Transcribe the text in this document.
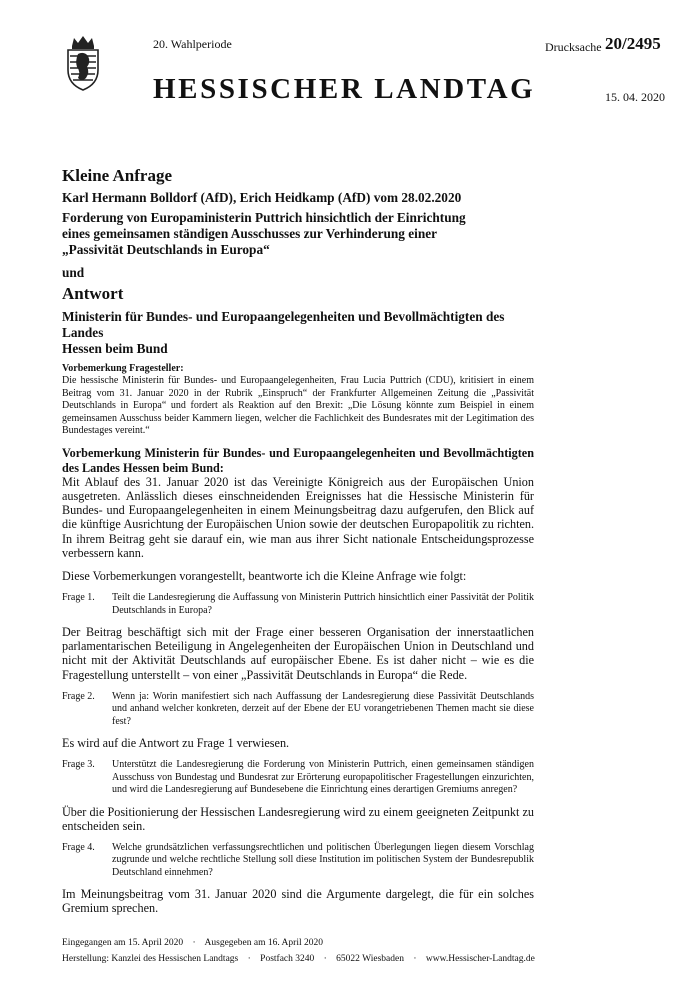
20. Wahlperiode	Drucksache 20/2495
HESSISCHER LANDTAG	15. 04. 2020

Kleine Anfrage

Karl Hermann Bolldorf (AfD), Erich Heidkamp (AfD) vom 28.02.2020

Forderung von Europaministerin Puttrich hinsichtlich der Einrichtung

eines gemeinsamen ständigen Ausschusses zur Verhinderung einer

„Passivität Deutschlands in Europa“

und

Antwort

Ministerin für Bundes- und Europaangelegenheiten und Bevollmächtigten des Landes

Hessen beim Bund

Vorbemerkung Fragesteller:

Die hessische Ministerin für Bundes- und Europaangelegenheiten, Frau Lucia Puttrich (CDU), kritisiert in einem Beitrag vom 31. Januar 2020 in der Rubrik „Einspruch“ der Frankfurter Allgemeinen Zeitung die „Passivität Deutschlands in Europa“ und fordert als Reaktion auf den Brexit: „Die Lösung könnte zum Beispiel in einem gemeinsamen Ausschuss beider Kammern liegen, welcher die Fachlichkeit des Bundesrates mit der Legitimation des Bundestages vereint.“

Vorbemerkung Ministerin für Bundes- und Europaangelegenheiten und Bevollmächtigten des Landes Hessen beim Bund:

Mit Ablauf des 31. Januar 2020 ist das Vereinigte Königreich aus der Europäischen Union ausgetreten. Anlässlich dieses einschneidenden Ereignisses hat die Hessische Ministerin für Bundes- und Europaangelegenheiten in einem Meinungsbeitrag dazu aufgerufen, den Blick auf die künftige Ausrichtung der Europäischen Union sowie der deutschen Europapolitik zu richten. In ihrem Beitrag geht sie darauf ein, wie man aus ihrer Sicht nationale Entscheidungsprozesse verbessern kann.

Diese Vorbemerkungen vorangestellt, beantworte ich die Kleine Anfrage wie folgt:

Frage 1.	Teilt die Landesregierung die Auffassung von Ministerin Puttrich hinsichtlich einer Passivität der Politik Deutschlands in Europa?

Der Beitrag beschäftigt sich mit der Frage einer besseren Organisation der innerstaatlichen parlamentarischen Beteiligung in Angelegenheiten der Europäischen Union in Deutschland und nicht mit der Aktivität Deutschlands auf europäischer Ebene. Es ist daher nicht – wie es die Fragestellung unterstellt – von einer „Passivität Deutschlands in Europa“ die Rede.

Frage 2.	Wenn ja: Worin manifestiert sich nach Auffassung der Landesregierung diese Passivität Deutschlands und anhand welcher konkreten, derzeit auf der Ebene der EU vorangetriebenen Themen macht sie diese fest?

Es wird auf die Antwort zu Frage 1 verwiesen.

Frage 3.	Unterstützt die Landesregierung die Forderung von Ministerin Puttrich, einen gemeinsamen ständigen Ausschuss von Bundestag und Bundesrat zur Erörterung europapolitischer Fragestellungen einzurichten, und wird die Landesregierung auf Bundesebene die Einrichtung eines derartigen Gremiums anregen?

Über die Positionierung der Hessischen Landesregierung wird zu einem geeigneten Zeitpunkt zu entscheiden sein.

Frage 4.	Welche grundsätzlichen verfassungsrechtlichen und politischen Überlegungen liegen diesem Vorschlag zugrunde und welche rechtliche Stellung soll diese Institution im politischen System der Bundesrepublik Deutschland einnehmen?

Im Meinungsbeitrag vom 31. Januar 2020 sind die Argumente dargelegt, die für ein solches Gremium sprechen.

Eingegangen am 15. April 2020 · Ausgegeben am 16. April 2020
Herstellung: Kanzlei des Hessischen Landtags · Postfach 3240 · 65022 Wiesbaden · www.Hessischer-Landtag.de
